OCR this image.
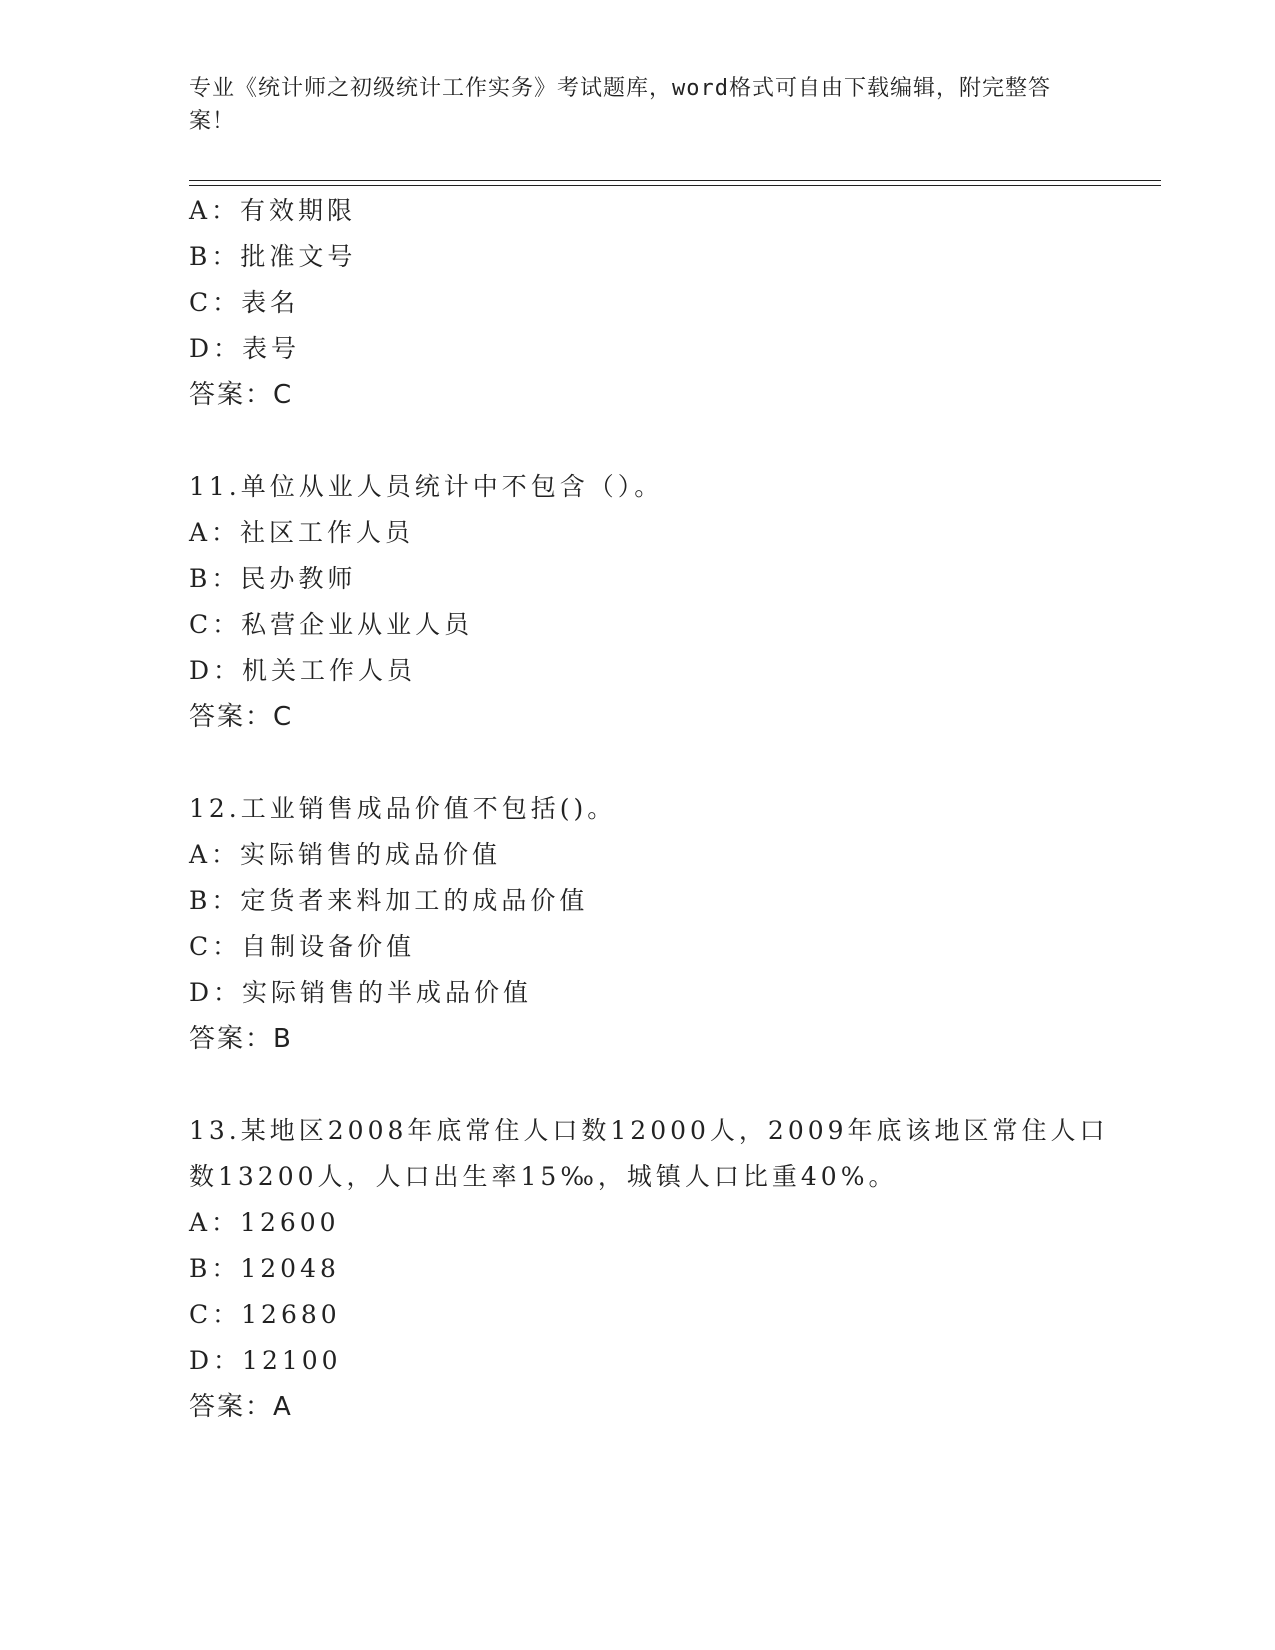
专业《统计师之初级统计工作实务》考试题库，word格式可自由下载编辑，附完整答案！
A：有效期限
B：批准文号
C：表名
D：表号
答案：C
11.单位从业人员统计中不包含（）。
A：社区工作人员
B：民办教师
C：私营企业从业人员
D：机关工作人员
答案：C
12.工业销售成品价值不包括()。
A：实际销售的成品价值
B：定货者来料加工的成品价值
C：自制设备价值
D：实际销售的半成品价值
答案：B
13.某地区2008年底常住人口数12000人，2009年底该地区常住人口
数13200人，人口出生率15‰，城镇人口比重40%。
A：12600
B：12048
C：12680
D：12100
答案：A
